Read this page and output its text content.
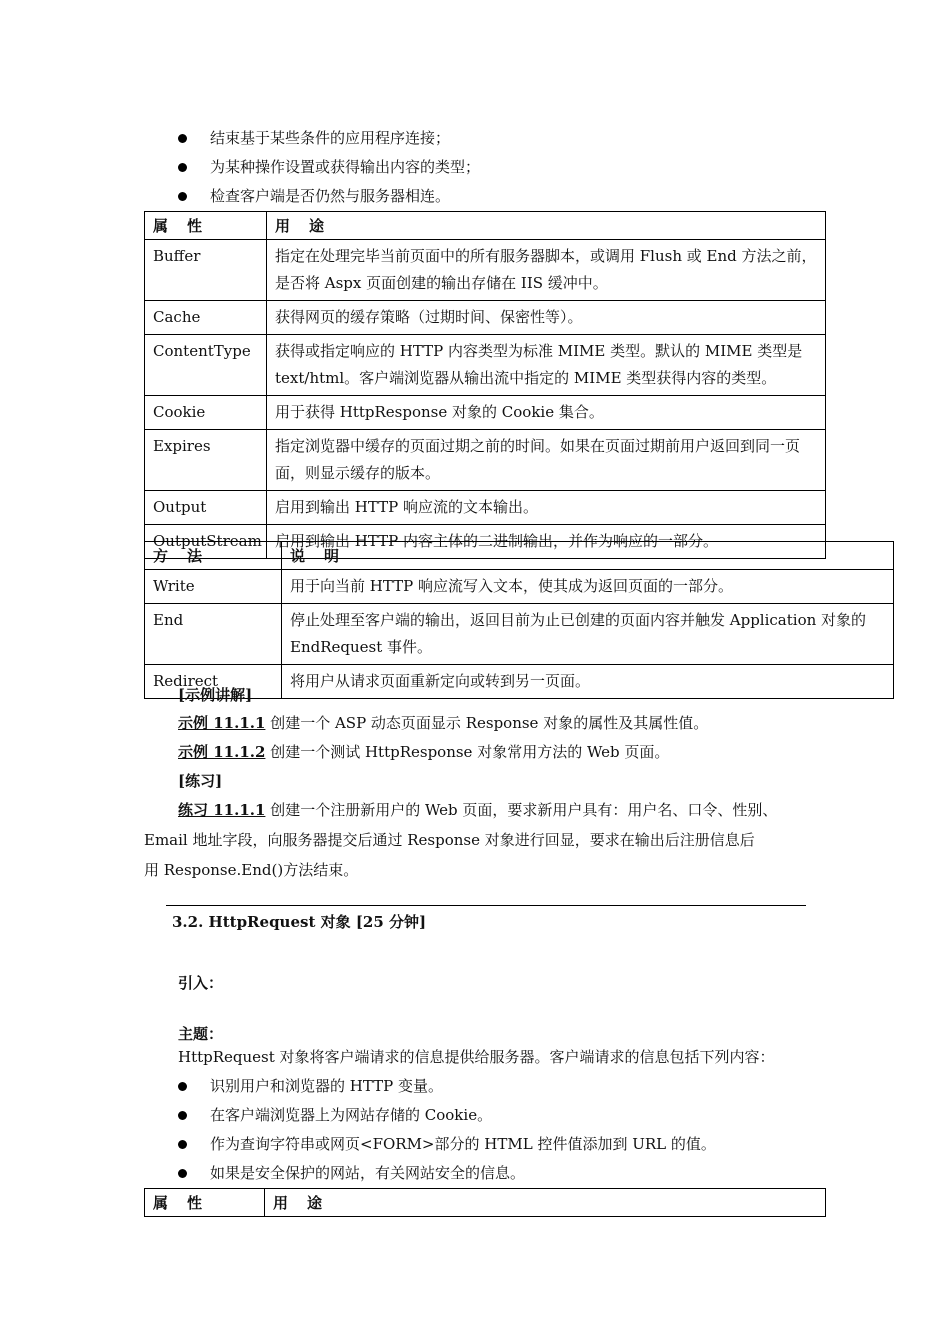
结束基于某些条件的应用程序连接；
为某种操作设置或获得输出内容的类型；
检查客户端是否仍然与服务器相连。
属　性	用　途
Buffer	指定在处理完毕当前页面中的所有服务器脚本，或调用 Flush 或 End 方法之前，是否将 Aspx 页面创建的输出存储在 IIS 缓冲中。
Cache	获得网页的缓存策略（过期时间、保密性等）。
ContentType	获得或指定响应的 HTTP 内容类型为标准 MIME 类型。默认的 MIME 类型是 text/html。客户端浏览器从输出流中指定的 MIME 类型获得内容的类型。
Cookie	用于获得 HttpResponse 对象的 Cookie 集合。
Expires	指定浏览器中缓存的页面过期之前的时间。如果在页面过期前用户返回到同一页面，则显示缓存的版本。
Output	启用到输出 HTTP 响应流的文本输出。
OutputStream	启用到输出 HTTP 内容主体的二进制输出，并作为响应的一部分。
方　法	说　明
Write	用于向当前 HTTP 响应流写入文本，使其成为返回页面的一部分。
End	停止处理至客户端的输出，返回目前为止已创建的页面内容并触发 Application 对象的 EndRequest 事件。
Redirect	将用户从请求页面重新定向或转到另一页面。
[示例讲解]
示例 11.1.1 创建一个 ASP 动态页面显示 Response 对象的属性及其属性值。
示例 11.1.2 创建一个测试 HttpResponse 对象常用方法的 Web 页面。
[练习]
练习 11.1.1 创建一个注册新用户的 Web 页面，要求新用户具有：用户名、口令、性别、
Email 地址字段，向服务器提交后通过 Response 对象进行回显，要求在输出后注册信息后
用 Response.End()方法结束。
3.2. HttpRequest 对象 [25 分钟]
引入：
主题：
HttpRequest 对象将客户端请求的信息提供给服务器。客户端请求的信息包括下列内容：
识别用户和浏览器的 HTTP 变量。
在客户端浏览器上为网站存储的 Cookie。
作为查询字符串或网页<FORM>部分的 HTML 控件值添加到 URL 的值。
如果是安全保护的网站，有关网站安全的信息。
属　性	用　途
